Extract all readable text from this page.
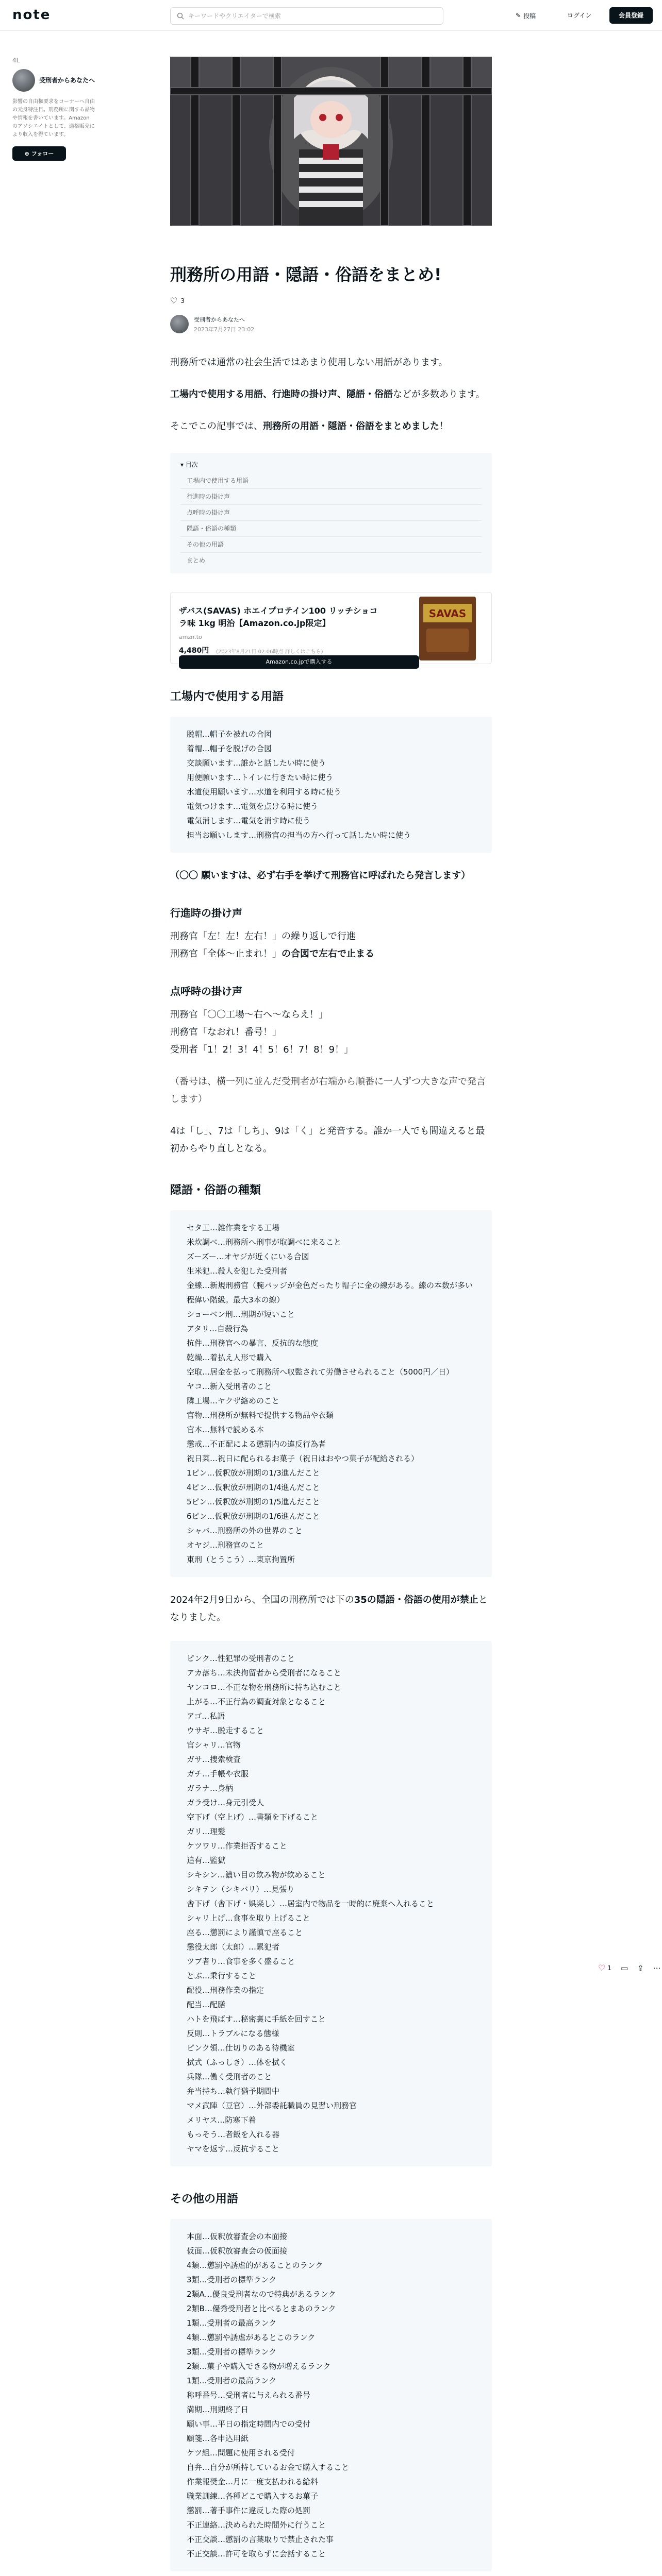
note
キーワードやクリエイターで検索	✎ 投稿	ログイン	会員登録
4L
受刑者からあなたへ
影響の自由権要求をコーナーへ自由の元身特注目。刑務所に関する品物や情報を書いています。Amazon のアソシエイトとして、適格販売により収入を得ています。
⊕ フォロー
刑務所の用語・隠語・俗語をまとめ!
♡ 3
受刑者からあなたへ
2023年7月27日 23:02
刑務所では通常の社会生活ではあまり使用しない用語があります。
工場内で使用する用語、行進時の掛け声、隠語・俗語などが多数あります。
そこでこの記事では、刑務所の用語・隠語・俗語をまとめました！
▾ 目次
工場内で使用する用語
行進時の掛け声
点呼時の掛け声
隠語・俗語の種類
その他の用語
まとめ
ザバス(SAVAS) ホエイプロテイン100 リッチショコラ味 1kg 明治【Amazon.co.jp限定】
amzn.to
4,480円 (2023年8月21日 02:06時点 詳しくはこちら)
Amazon.co.jpで購入する
SAVAS
工場内で使用する用語
脱帽…帽子を被れの合図
着帽…帽子を脱げの合図
交談願います…誰かと話したい時に使う
用便願います…トイレに行きたい時に使う
水道使用願います…水道を利用する時に使う
電気つけます…電気を点ける時に使う
電気消します…電気を消す時に使う
担当お願いします…刑務官の担当の方へ行って話したい時に使う
（〇〇 願いますは、必ず右手を挙げて刑務官に呼ばれたら発言します）
行進時の掛け声
刑務官「左！左！左右！」の繰り返しで行進
刑務官「全体〜止まれ！」の合図で左右で止まる
点呼時の掛け声
刑務官「〇〇工場〜右へ〜ならえ！」
刑務官「なおれ！番号！」
受刑者「1！2！3！4！5！6！7！8！9！」
（番号は、横一列に並んだ受刑者が右端から順番に一人ずつ大きな声で発言します）
4は「し」、7は「しち」、9は「く」と発音する。誰か一人でも間違えると最初からやり直しとなる。
隠語・俗語の種類
セタ工…雑作業をする工場
米炊調べ…刑務所へ刑事が取調べに来ること
ズーズー…オヤジが近くにいる合図
生米犯…殺人を犯した受刑者
金線…新規刑務官（腕バッジが金色だったり帽子に金の線がある。線の本数が多い程偉い階級。最大3本の線）
ショーベン刑…刑期が短いこと
アタリ…自殺行為
抗件…刑務官への暴言、反抗的な態度
乾燥…着払え人形で購入
空取…居金を払って刑務所へ収監されて労働させられること（5000円／日）
ヤコ…新入受刑者のこと
隣工場…ヤクザ絡めのこと
官物…刑務所が無料で提供する物品や衣類
官本…無料で読める本
懲戒…不正配による懲罰内の違反行為者
祝日菜…祝日に配られるお菓子（祝日はおやつ菓子が配給される）
1ピン…仮釈放が刑期の1/3進んだこと
4ピン…仮釈放が刑期の1/4進んだこと
5ピン…仮釈放が刑期の1/5進んだこと
6ピン…仮釈放が刑期の1/6進んだこと
シャバ…刑務所の外の世界のこと
オヤジ…刑務官のこと
東刑（とうこう）…東京拘置所
2024年2月9日から、全国の刑務所では下の35の隠語・俗語の使用が禁止となりました。
ピンク…性犯罪の受刑者のこと
アカ落ち…未決拘留者から受刑者になること
ヤンコロ…不正な物を刑務所に持ち込むこと
上がる…不正行為の調査対象となること
アゴ…私語
ウサギ…脱走すること
官シャリ…官物
ガサ…捜索検査
ガチ…手帳や衣服
ガラナ…身柄
ガラ受け…身元引受人
空下げ（空上げ）…書類を下げること
ガリ…理髪
ケツワリ…作業拒否すること
追有…監獄
シキシン…濃い目の飲み物が飲めること
シキテン（シキバリ）…見張り
舎下げ（舎下げ・娯楽し）…居室内で物品を一時的に廃棄へ入れること
シャリ上げ…食事を取り上げること
座る…懲罰により謹慎で座ること
懲役太郎（太郎）…累犯者
ツブ者り…食事を多く盛ること
とぶ…乗行すること
配役…刑務作業の指定
配当…配膳
ハトを飛ばす…秘密裏に手紙を回すこと
反則…トラブルになる態様
ピンク領…仕切りのある待機室
拭式（ふっしき）…体を拭く
兵隊…働く受刑者のこと
弁当持ち…執行猶予期間中
マメ武陣（豆官）…外部委託職員の見習い刑務官
メリヤス…防寒下着
もっそう…者飯を入れる器
ヤマを返す…反抗すること
その他の用語
本面…仮釈放審査会の本面接
仮面…仮釈放審査会の仮面接
4類…懲罰や誘虐的があることのランク
3類…受刑者の標準ランク
2類A…優良受刑者なので特典があるランク
2類B…優秀受刑者と比べるとまあのランク
1類…受刑者の最高ランク
4類…懲罰や誘虐があるとこのランク
3類…受刑者の標準ランク
2類…菓子や購入できる物が増えるランク
1類…受刑者の最高ランク
称呼番号…受刑者に与えられる番号
満期…刑期終了日
願い事…平日の指定時間内での受付
願箋…各申込用紙
ケツ組…問題に使用される受付
自弁…自分が所持しているお金で購入すること
作業報奨金…月に一度支払われる給料
職業訓練…各種どこで購入するお菓子
懲罰…著手事件に違反した際の処罰
不正連絡…決められた時間外に行うこと
不正交談…懲罰の言葉取りで禁止された事
不正交談…許可を取らずに会話すること
♡ 1 ▭ ⇪ ⋯
